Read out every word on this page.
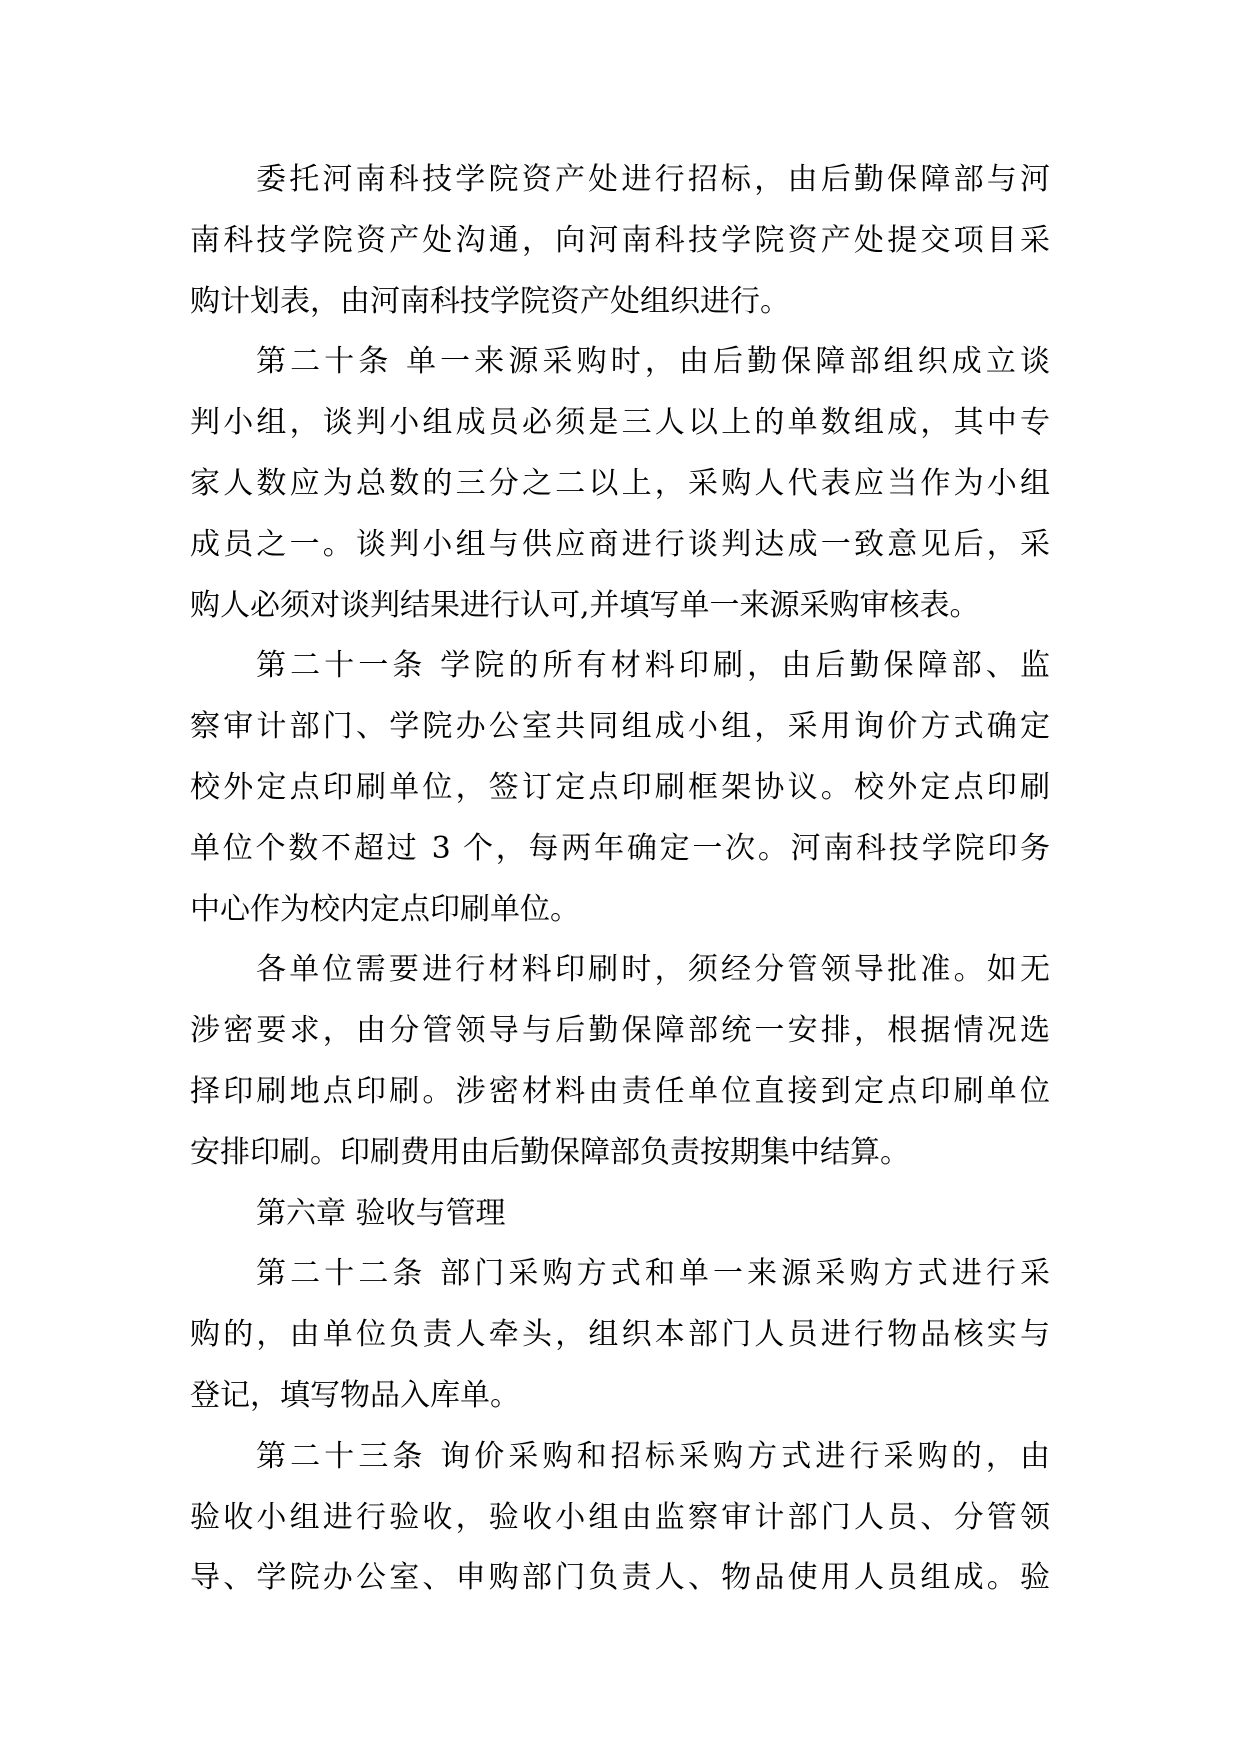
委托河南科技学院资产处进行招标，由后勤保障部与河
南科技学院资产处沟通，向河南科技学院资产处提交项目采
购计划表，由河南科技学院资产处组织进行。
第二十条 单一来源采购时，由后勤保障部组织成立谈
判小组，谈判小组成员必须是三人以上的单数组成，其中专
家人数应为总数的三分之二以上，采购人代表应当作为小组
成员之一。谈判小组与供应商进行谈判达成一致意见后，采
购人必须对谈判结果进行认可,并填写单一来源采购审核表。
第二十一条 学院的所有材料印刷，由后勤保障部、监
察审计部门、学院办公室共同组成小组，采用询价方式确定
校外定点印刷单位，签订定点印刷框架协议。校外定点印刷
单位个数不超过 3 个，每两年确定一次。河南科技学院印务
中心作为校内定点印刷单位。
各单位需要进行材料印刷时，须经分管领导批准。如无
涉密要求，由分管领导与后勤保障部统一安排，根据情况选
择印刷地点印刷。涉密材料由责任单位直接到定点印刷单位
安排印刷。印刷费用由后勤保障部负责按期集中结算。
第六章 验收与管理
第二十二条 部门采购方式和单一来源采购方式进行采
购的，由单位负责人牵头，组织本部门人员进行物品核实与
登记，填写物品入库单。
第二十三条 询价采购和招标采购方式进行采购的，由
验收小组进行验收，验收小组由监察审计部门人员、分管领
导、学院办公室、申购部门负责人、物品使用人员组成。验
